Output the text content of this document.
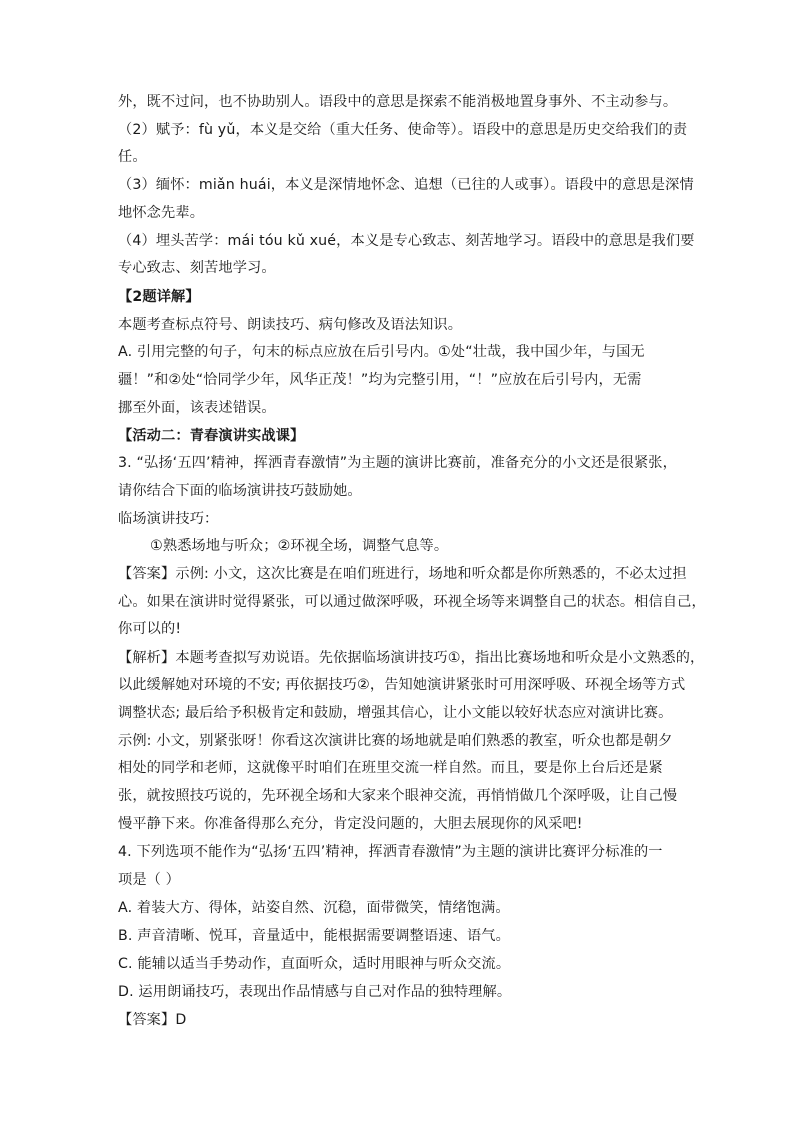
外，既不过问，也不协助别人。语段中的意思是探索不能消极地置身事外、不主动参与。
（2）赋予：fù yǔ，本义是交给（重大任务、使命等）。语段中的意思是历史交给我们的责
任。
（3）缅怀：miǎn huái，本义是深情地怀念、追想（已往的人或事）。语段中的意思是深情
地怀念先辈。
（4）埋头苦学：mái tóu kǔ xué，本义是专心致志、刻苦地学习。语段中的意思是我们要
专心致志、刻苦地学习。
【2题详解】
本题考查标点符号、朗读技巧、病句修改及语法知识。
A. 引用完整的句子，句末的标点应放在后引号内。①处“壮哉，我中国少年，与国无
疆！”和②处“恰同学少年，风华正茂！”均为完整引用，“！”应放在后引号内，无需
挪至外面，该表述错误。
【活动二：青春演讲实战课】
3. “弘扬‘五四’精神，挥洒青春激情”为主题的演讲比赛前，准备充分的小文还是很紧张，
请你结合下面的临场演讲技巧鼓励她。
临场演讲技巧：
①熟悉场地与听众；②环视全场，调整气息等。
【答案】示例: 小文，这次比赛是在咱们班进行，场地和听众都是你所熟悉的，不必太过担
心。如果在演讲时觉得紧张，可以通过做深呼吸，环视全场等来调整自己的状态。相信自己，
你可以的!
【解析】本题考查拟写劝说语。先依据临场演讲技巧①，指出比赛场地和听众是小文熟悉的，
以此缓解她对环境的不安; 再依据技巧②，告知她演讲紧张时可用深呼吸、环视全场等方式
调整状态; 最后给予积极肯定和鼓励，增强其信心，让小文能以较好状态应对演讲比赛。
示例: 小文，别紧张呀！你看这次演讲比赛的场地就是咱们熟悉的教室，听众也都是朝夕
相处的同学和老师，这就像平时咱们在班里交流一样自然。而且，要是你上台后还是紧
张，就按照技巧说的，先环视全场和大家来个眼神交流，再悄悄做几个深呼吸，让自己慢
慢平静下来。你准备得那么充分，肯定没问题的，大胆去展现你的风采吧!
4. 下列选项不能作为“弘扬‘五四’精神，挥洒青春激情”为主题的演讲比赛评分标准的一
项是（ ）
A. 着装大方、得体，站姿自然、沉稳，面带微笑，情绪饱满。
B. 声音清晰、悦耳，音量适中，能根据需要调整语速、语气。
C. 能辅以适当手势动作，直面听众，适时用眼神与听众交流。
D. 运用朗诵技巧，表现出作品情感与自己对作品的独特理解。
【答案】D
